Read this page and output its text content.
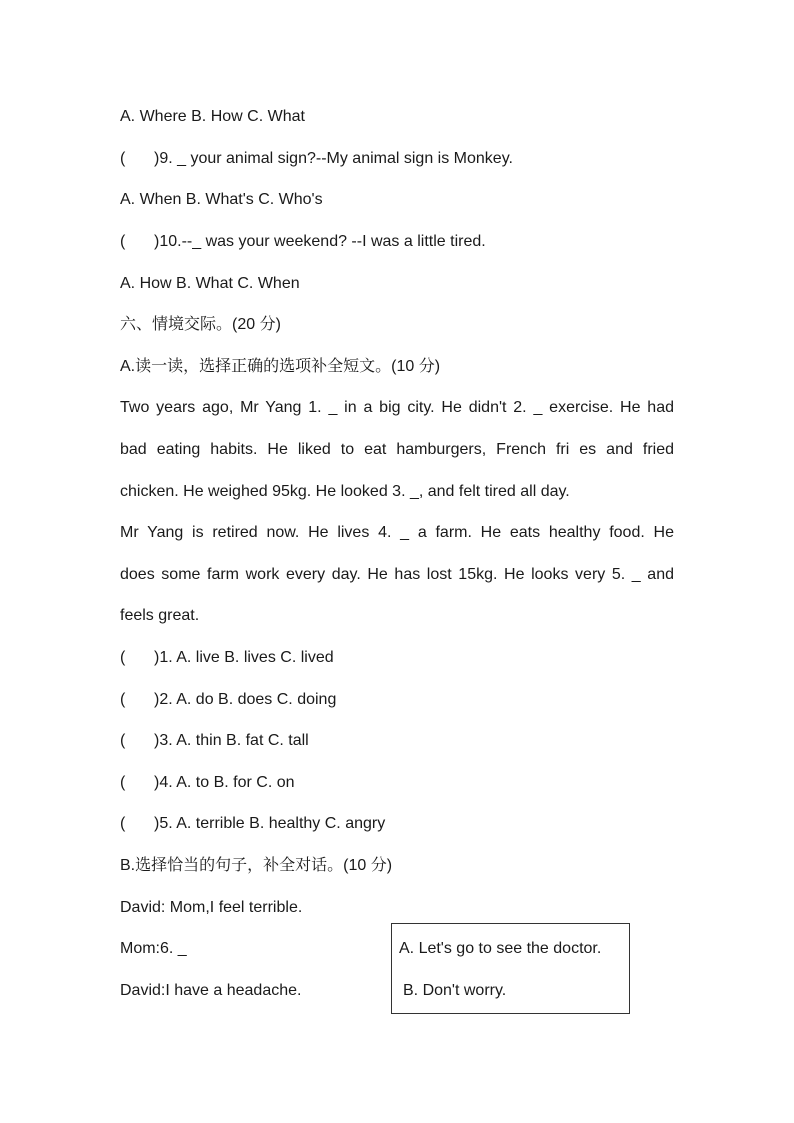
A. Where B. How C. What
( )9. _ your animal sign?--My animal sign is Monkey.
A. When B. What's C. Who's
( )10.--_ was your weekend? --I was a little tired.
A. How B. What C. When
六、情境交际。(20 分)
A.读一读，选择正确的选项补全短文。(10 分)
Two years ago, Mr Yang 1. _ in a big city. He didn't 2. _ exercise. He had
bad eating habits. He liked to eat hamburgers, French fri es and fried
chicken. He weighed 95kg. He looked 3. _, and felt tired all day.
Mr Yang is retired now. He lives 4. _ a farm. He eats healthy food. He
does some farm work every day. He has lost 15kg. He looks very 5. _ and
feels great.
( )1. A. live B. lives C. lived
( )2. A. do B. does C. doing
( )3. A. thin B. fat C. tall
( )4. A. to B. for C. on
( )5. A. terrible B. healthy C. angry
B.选择恰当的句子，补全对话。(10 分)
David: Mom,I feel terrible.
Mom:6. _
David:I have a headache.
A. Let's go to see the doctor.
B. Don't worry.
